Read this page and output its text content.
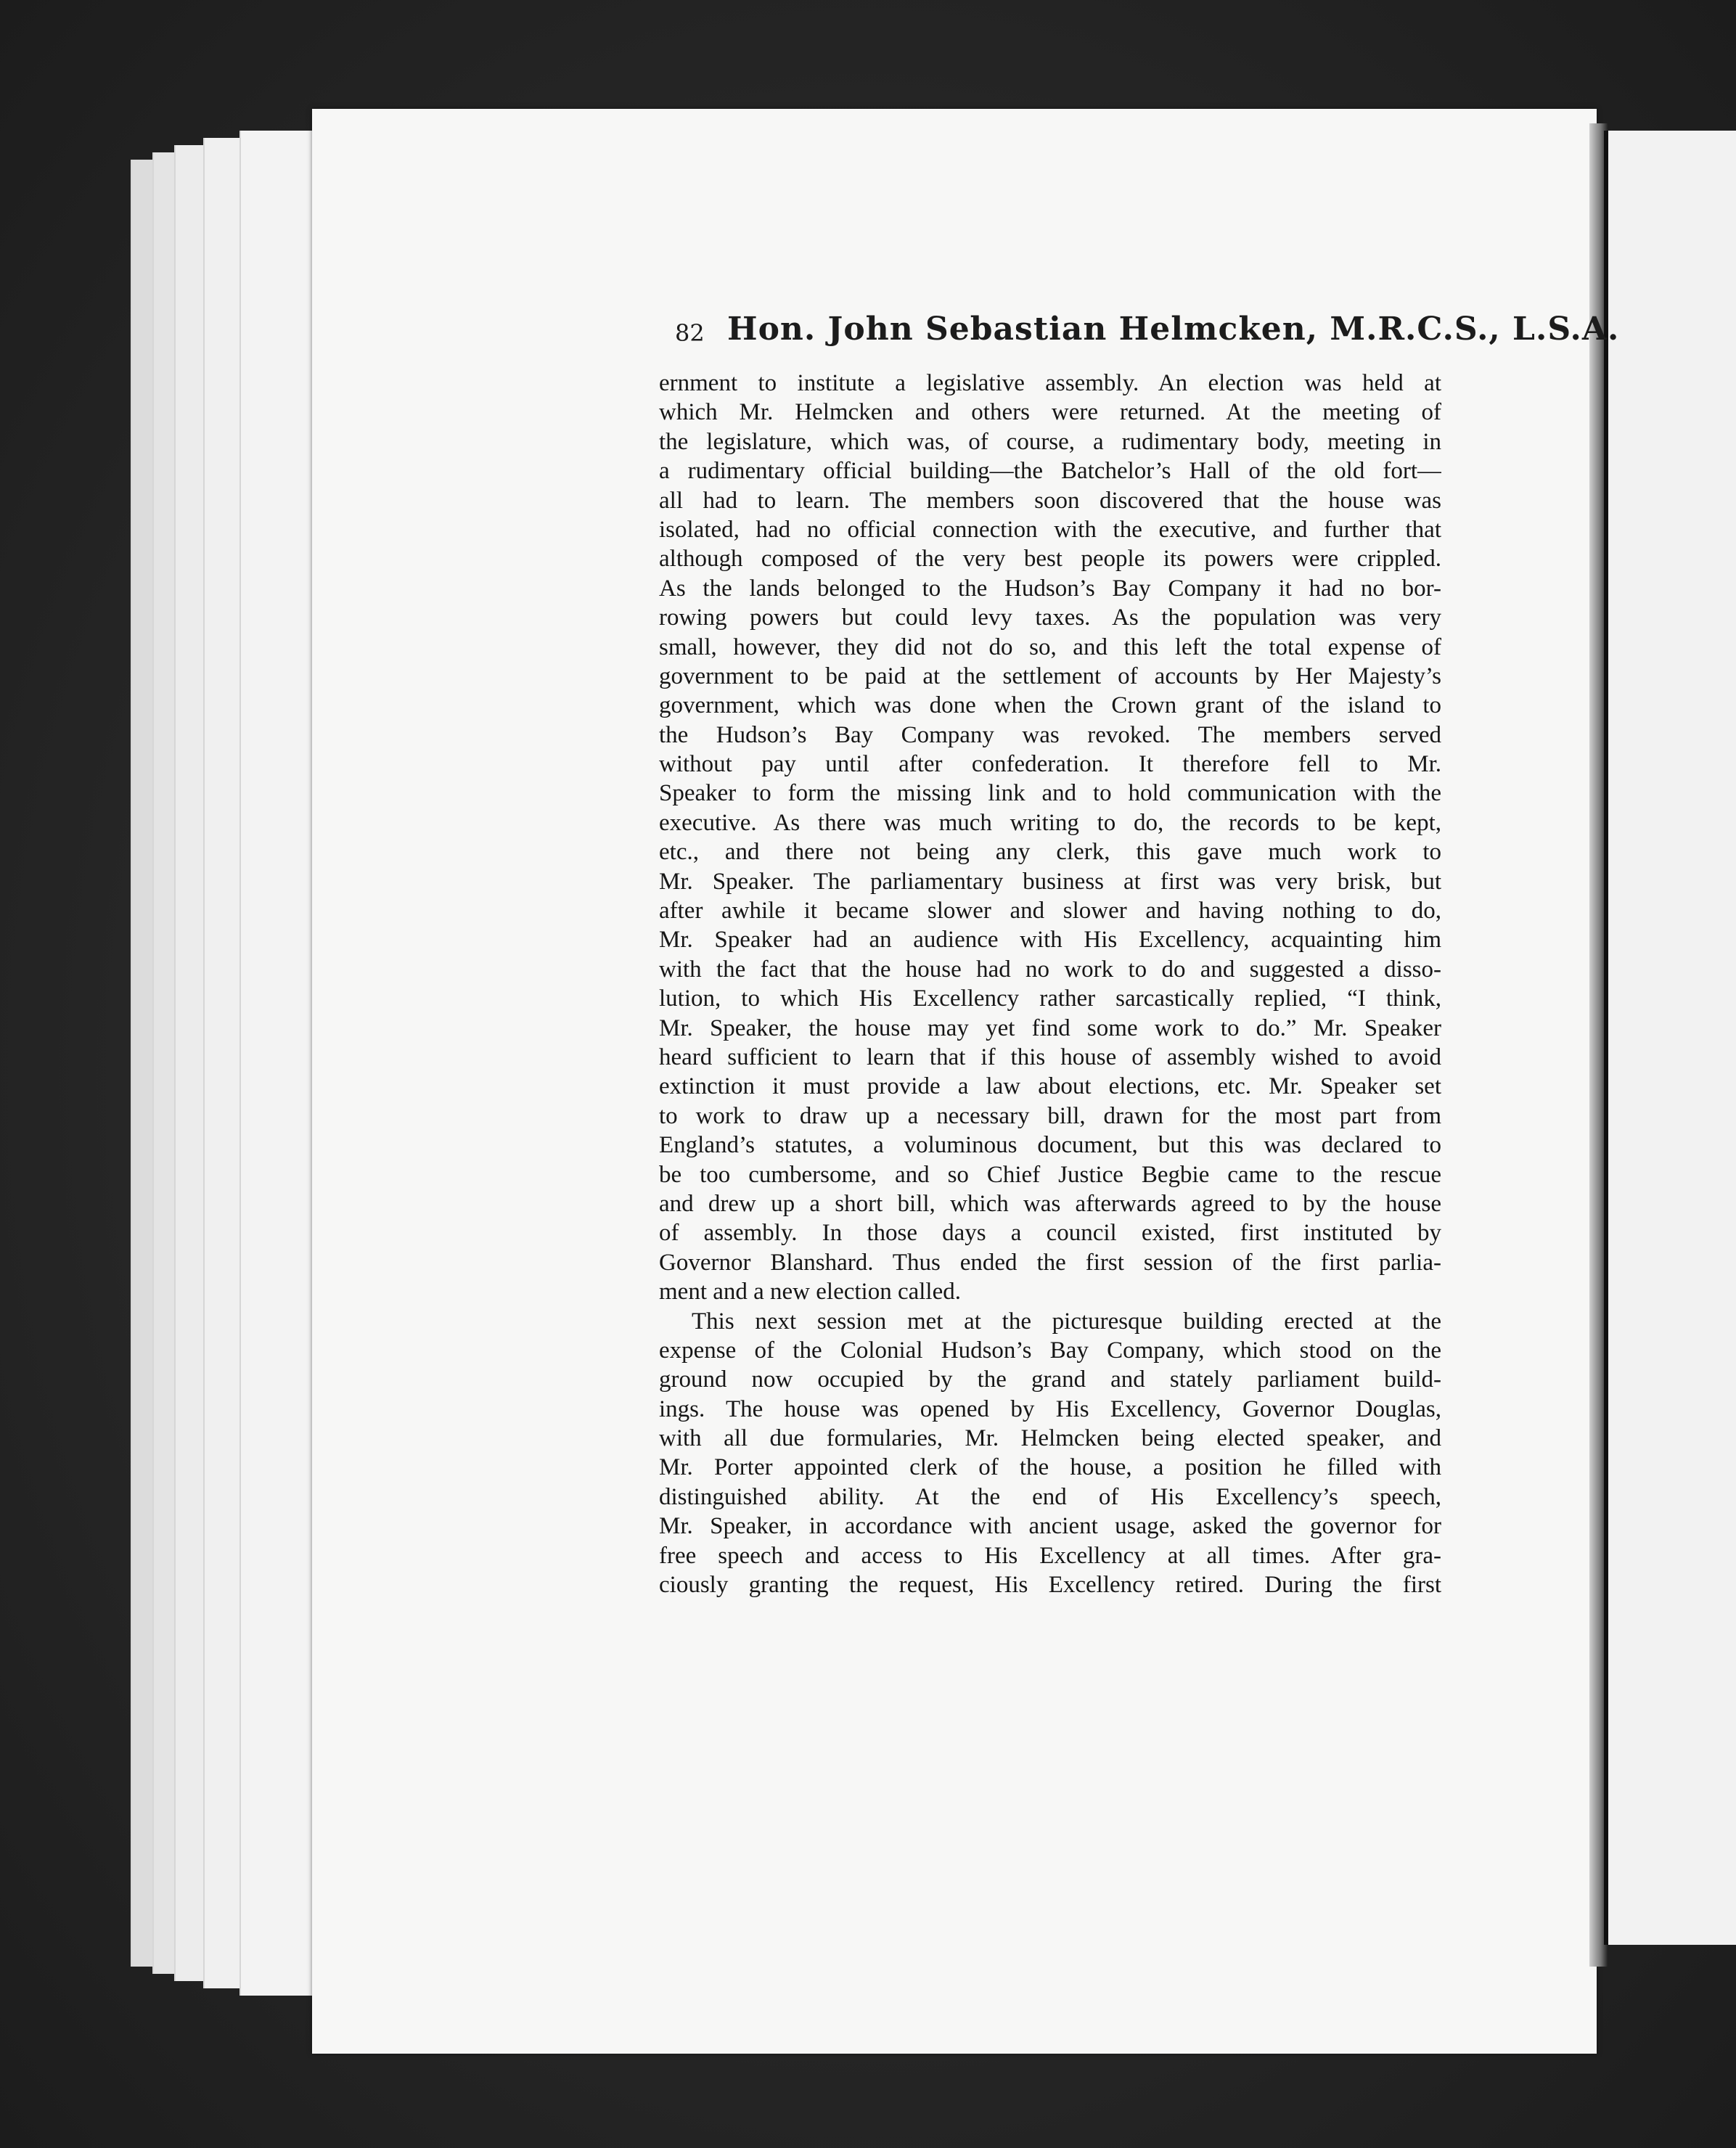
82 Hon. John Sebastian Helmcken, M.R.C.S., L.S.A.
ernment to institute a legislative assembly. An election was held at
which Mr. Helmcken and others were returned. At the meeting of
the legislature, which was, of course, a rudimentary body, meeting in
a rudimentary official building—the Batchelor’s Hall of the old fort—
all had to learn. The members soon discovered that the house was
isolated, had no official connection with the executive, and further that
although composed of the very best people its powers were crippled.
As the lands belonged to the Hudson’s Bay Company it had no bor-
rowing powers but could levy taxes. As the population was very
small, however, they did not do so, and this left the total expense of
government to be paid at the settlement of accounts by Her Majesty’s
government, which was done when the Crown grant of the island to
the Hudson’s Bay Company was revoked. The members served
without pay until after confederation. It therefore fell to Mr.
Speaker to form the missing link and to hold communication with the
executive. As there was much writing to do, the records to be kept,
etc., and there not being any clerk, this gave much work to
Mr. Speaker. The parliamentary business at first was very brisk, but
after awhile it became slower and slower and having nothing to do,
Mr. Speaker had an audience with His Excellency, acquainting him
with the fact that the house had no work to do and suggested a disso-
lution, to which His Excellency rather sarcastically replied, “I think,
Mr. Speaker, the house may yet find some work to do.” Mr. Speaker
heard sufficient to learn that if this house of assembly wished to avoid
extinction it must provide a law about elections, etc. Mr. Speaker set
to work to draw up a necessary bill, drawn for the most part from
England’s statutes, a voluminous document, but this was declared to
be too cumbersome, and so Chief Justice Begbie came to the rescue
and drew up a short bill, which was afterwards agreed to by the house
of assembly. In those days a council existed, first instituted by
Governor Blanshard. Thus ended the first session of the first parlia-
ment and a new election called.
This next session met at the picturesque building erected at the
expense of the Colonial Hudson’s Bay Company, which stood on the
ground now occupied by the grand and stately parliament build-
ings. The house was opened by His Excellency, Governor Douglas,
with all due formularies, Mr. Helmcken being elected speaker, and
Mr. Porter appointed clerk of the house, a position he filled with
distinguished ability. At the end of His Excellency’s speech,
Mr. Speaker, in accordance with ancient usage, asked the governor for
free speech and access to His Excellency at all times. After gra-
ciously granting the request, His Excellency retired. During the first
